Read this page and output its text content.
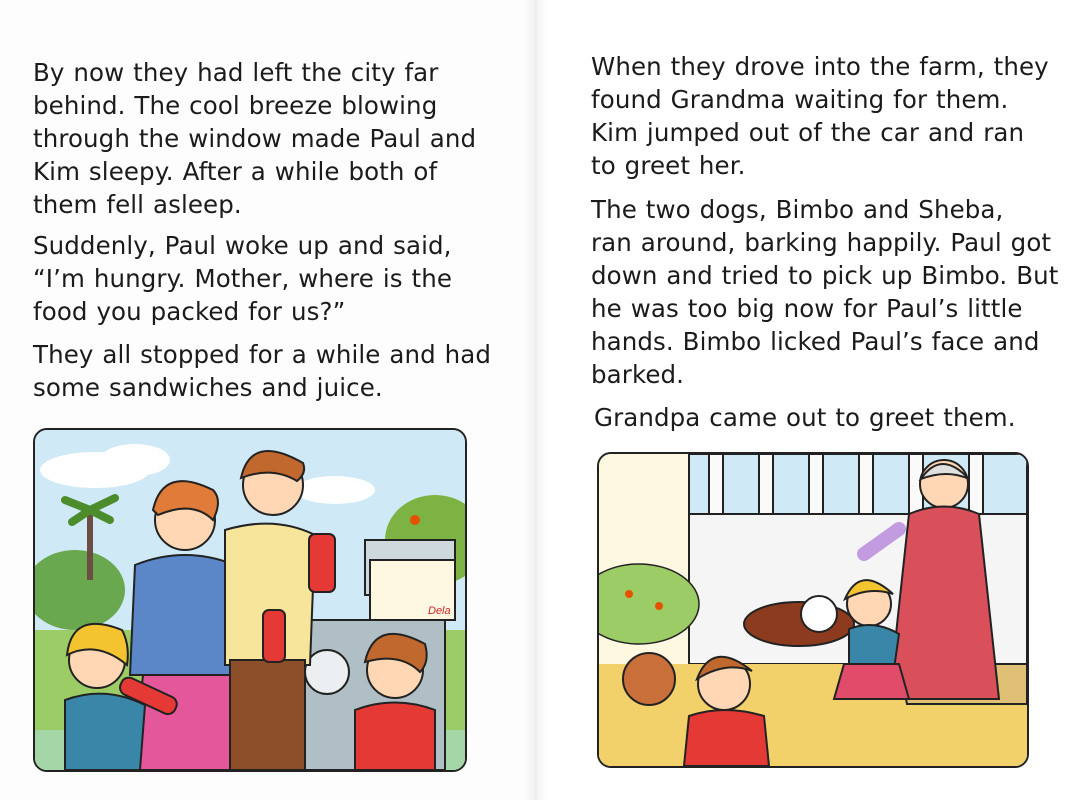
By now they had left the city far
behind. The cool breeze blowing
through the window made Paul and
Kim sleepy. After a while both of
them fell asleep.

Suddenly, Paul woke up and said,
“I’m hungry. Mother, where is the
food you packed for us?”

They all stopped for a while and had
some sandwiches and juice.

Dela

When they drove into the farm, they
found Grandma waiting for them.
Kim jumped out of the car and ran
to greet her.

The two dogs, Bimbo and Sheba,
ran around, barking happily. Paul got
down and tried to pick up Bimbo. But
he was too big now for Paul’s little
hands. Bimbo licked Paul’s face and
barked.

Grandpa came out to greet them.
